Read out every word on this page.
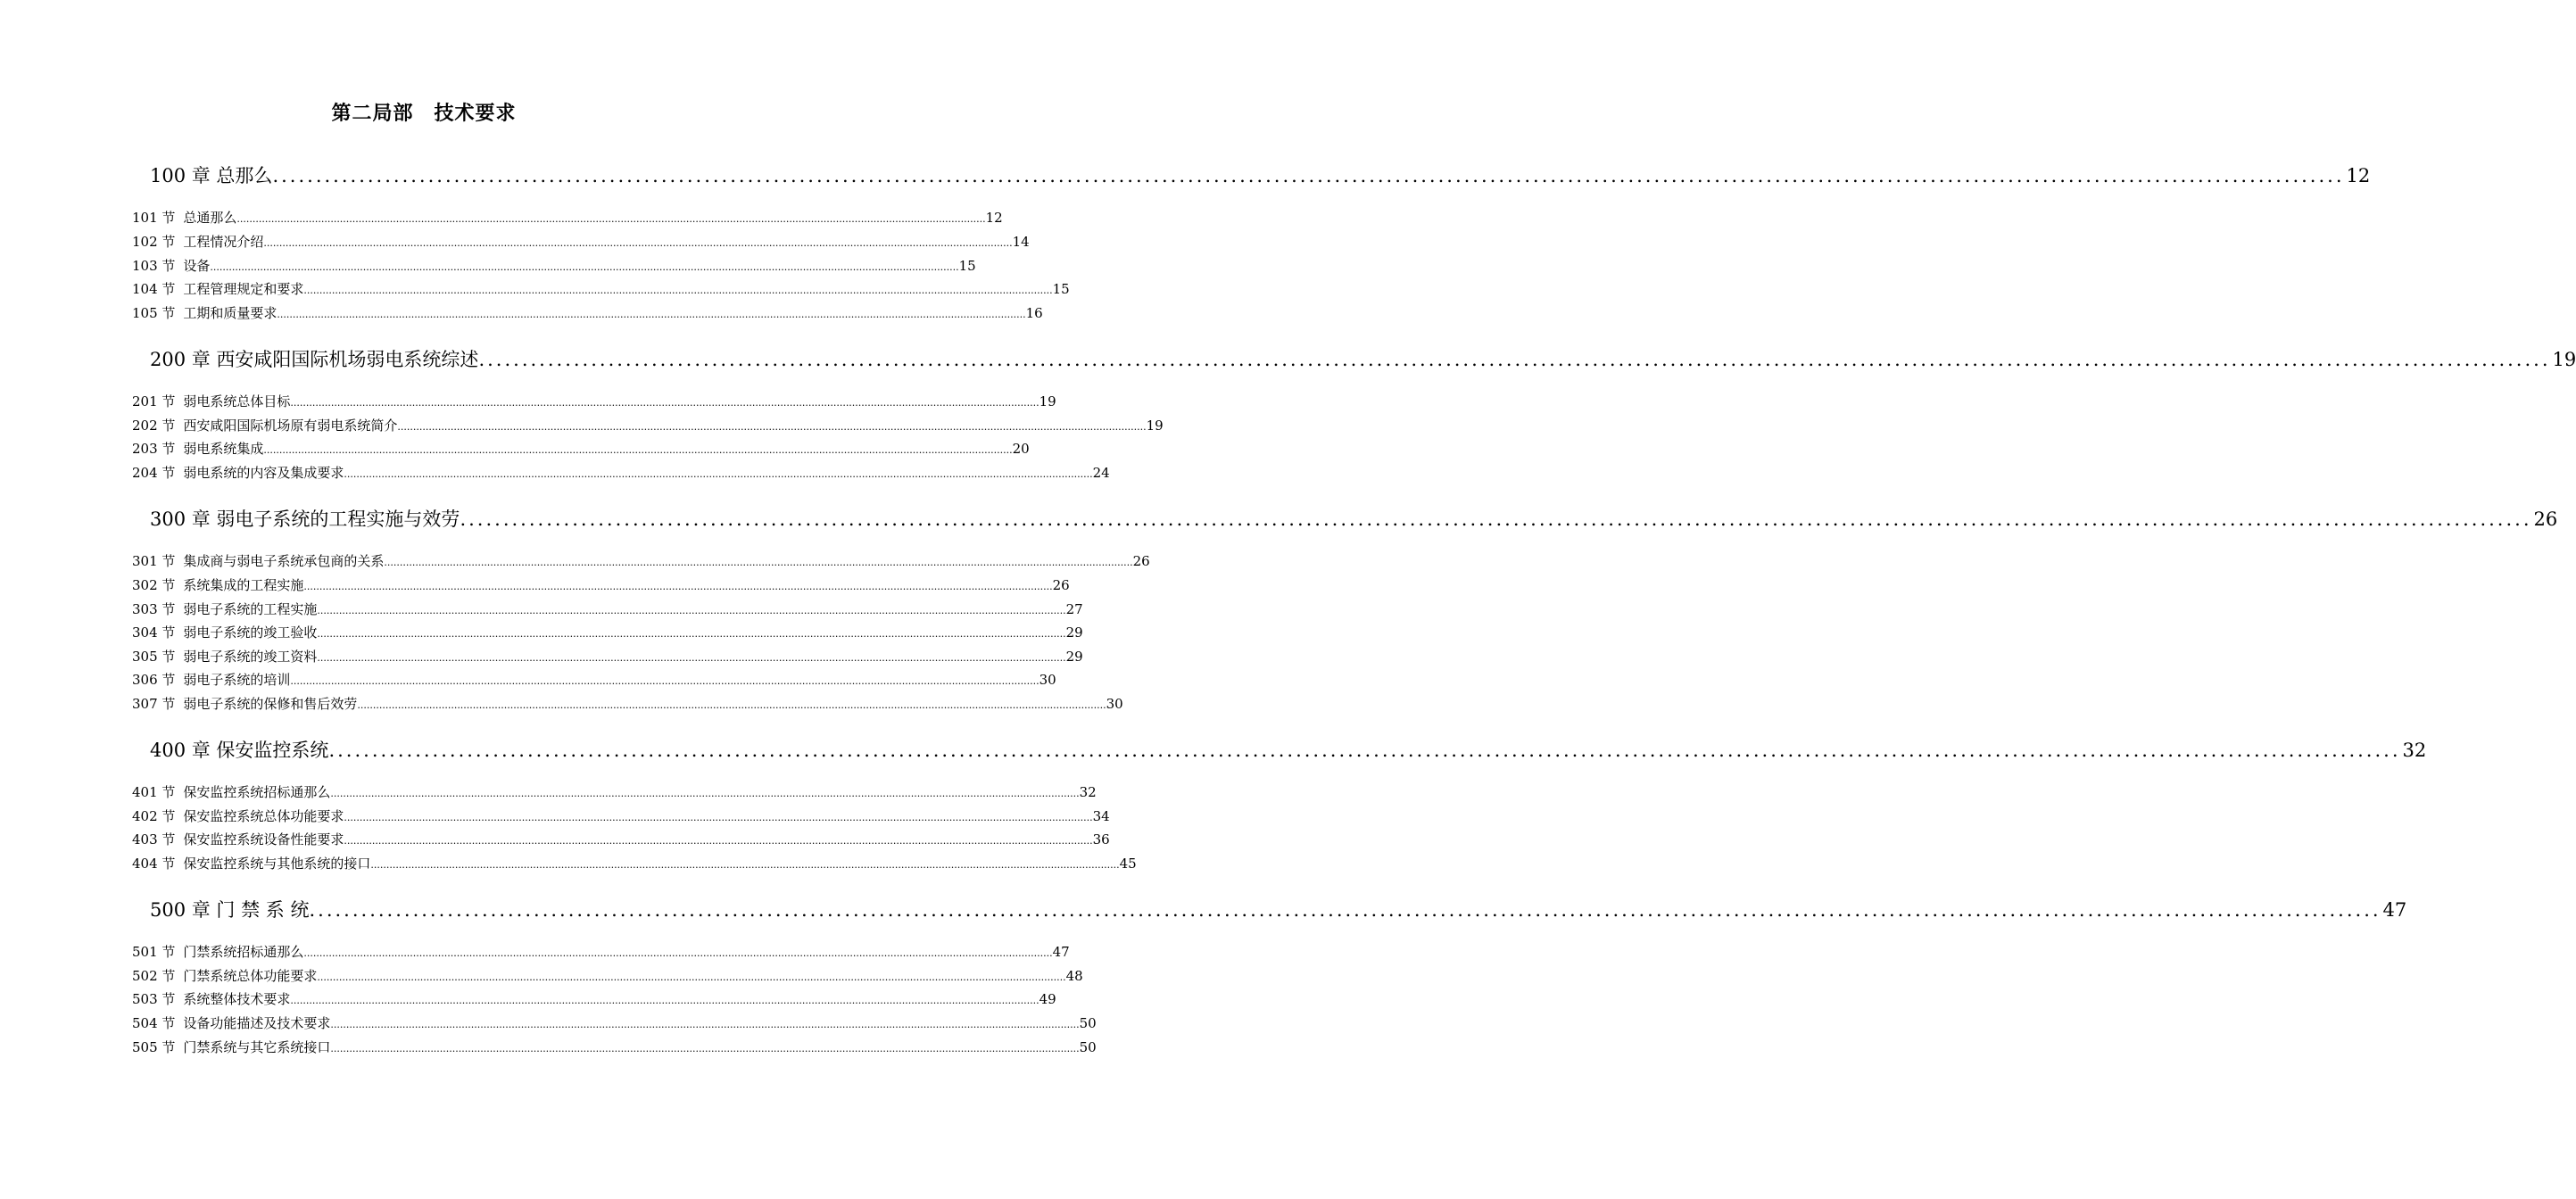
第二局部　技术要求
100 章 总那么 ................................................................................................................................................................................................................................................ 12
101 节 总通那么 ................................................................................................................................................................................................................................................ 12
102 节 工程情况介绍 ................................................................................................................................................................................................................................................ 14
103 节 设备 ................................................................................................................................................................................................................................................ 15
104 节 工程管理规定和要求 ................................................................................................................................................................................................................................................ 15
105 节 工期和质量要求 ................................................................................................................................................................................................................................................ 16
200 章 西安咸阳国际机场弱电系统综述 ................................................................................................................................................................................................................................................ 19
201 节 弱电系统总体目标 ................................................................................................................................................................................................................................................ 19
202 节 西安咸阳国际机场原有弱电系统简介 ................................................................................................................................................................................................................................................ 19
203 节 弱电系统集成 ................................................................................................................................................................................................................................................ 20
204 节 弱电系统的内容及集成要求 ................................................................................................................................................................................................................................................ 24
300 章 弱电子系统的工程实施与效劳 ................................................................................................................................................................................................................................................ 26
301 节 集成商与弱电子系统承包商的关系 ................................................................................................................................................................................................................................................ 26
302 节 系统集成的工程实施 ................................................................................................................................................................................................................................................ 26
303 节 弱电子系统的工程实施 ................................................................................................................................................................................................................................................ 27
304 节 弱电子系统的竣工验收 ................................................................................................................................................................................................................................................ 29
305 节 弱电子系统的竣工资料 ................................................................................................................................................................................................................................................ 29
306 节 弱电子系统的培训 ................................................................................................................................................................................................................................................ 30
307 节 弱电子系统的保修和售后效劳 ................................................................................................................................................................................................................................................ 30
400 章 保安监控系统 ................................................................................................................................................................................................................................................ 32
401 节 保安监控系统招标通那么 ................................................................................................................................................................................................................................................ 32
402 节 保安监控系统总体功能要求 ................................................................................................................................................................................................................................................ 34
403 节 保安监控系统设备性能要求 ................................................................................................................................................................................................................................................ 36
404 节 保安监控系统与其他系统的接口 ................................................................................................................................................................................................................................................ 45
500 章 门 禁 系 统 ................................................................................................................................................................................................................................................ 47
501 节 门禁系统招标通那么 ................................................................................................................................................................................................................................................ 47
502 节 门禁系统总体功能要求 ................................................................................................................................................................................................................................................ 48
503 节 系统整体技术要求 ................................................................................................................................................................................................................................................ 49
504 节 设备功能描述及技术要求 ................................................................................................................................................................................................................................................ 50
505 节 门禁系统与其它系统接口 ................................................................................................................................................................................................................................................ 50
